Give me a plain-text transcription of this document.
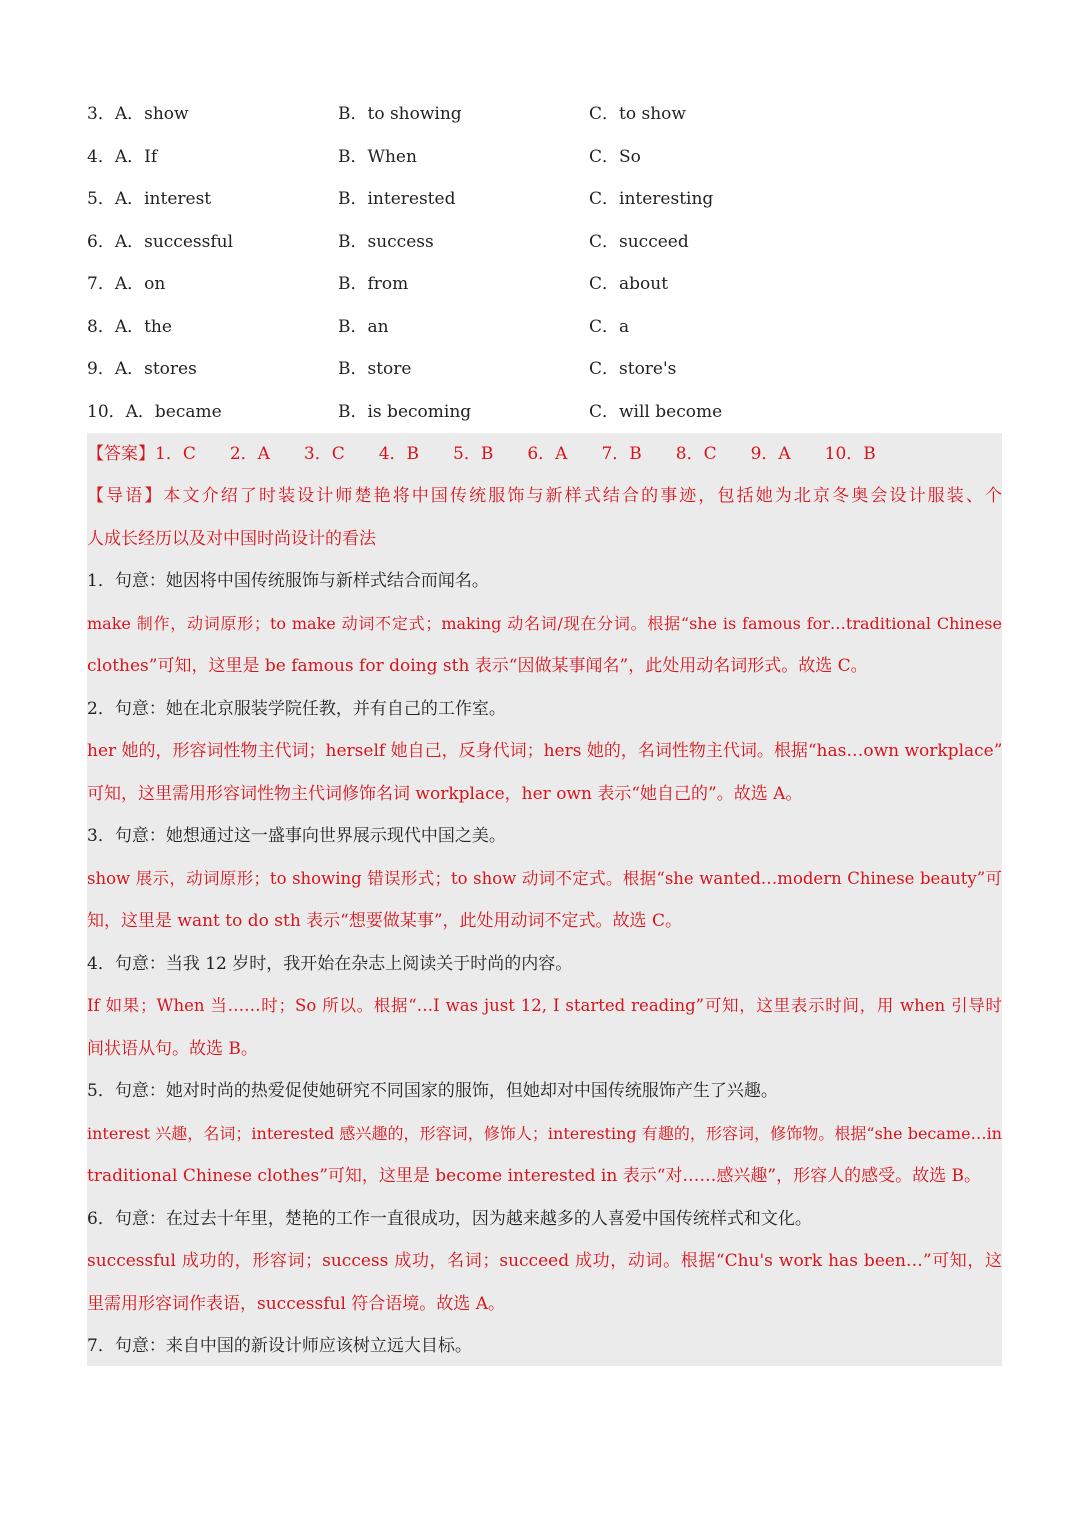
3．A．show	B．to showing	C．to show
4．A．If	B．When	C．So
5．A．interest	B．interested	C．interesting
6．A．successful	B．success	C．succeed
7．A．on	B．from	C．about
8．A．the	B．an	C．a
9．A．stores	B．store	C．store's
10．A．became	B．is becoming	C．will become
【答案】1．C　　2．A　　3．C　　4．B　　5．B　　6．A　　7．B　　8．C　　9．A　　10．B
【导语】本文介绍了时装设计师楚艳将中国传统服饰与新样式结合的事迹，包括她为北京冬奥会设计服装、个
人成长经历以及对中国时尚设计的看法
1．句意：她因将中国传统服饰与新样式结合而闻名。
make 制作，动词原形；to make 动词不定式；making 动名词/现在分词。根据“she is famous for…traditional Chinese
clothes”可知，这里是 be famous for doing sth 表示“因做某事闻名”，此处用动名词形式。故选 C。
2．句意：她在北京服装学院任教，并有自己的工作室。
her 她的，形容词性物主代词；herself 她自己，反身代词；hers 她的，名词性物主代词。根据“has…own workplace”
可知，这里需用形容词性物主代词修饰名词 workplace，her own 表示“她自己的”。故选 A。
3．句意：她想通过这一盛事向世界展示现代中国之美。
show 展示，动词原形；to showing 错误形式；to show 动词不定式。根据“she wanted…modern Chinese beauty”可
知，这里是 want to do sth 表示“想要做某事”，此处用动词不定式。故选 C。
4．句意：当我 12 岁时，我开始在杂志上阅读关于时尚的内容。
If 如果；When 当……时；So 所以。根据“…I was just 12, I started reading”可知，这里表示时间，用 when 引导时
间状语从句。故选 B。
5．句意：她对时尚的热爱促使她研究不同国家的服饰，但她却对中国传统服饰产生了兴趣。
interest 兴趣，名词；interested 感兴趣的，形容词，修饰人；interesting 有趣的，形容词，修饰物。根据“she became…in
traditional Chinese clothes”可知，这里是 become interested in 表示“对……感兴趣”，形容人的感受。故选 B。
6．句意：在过去十年里，楚艳的工作一直很成功，因为越来越多的人喜爱中国传统样式和文化。
successful 成功的，形容词；success 成功，名词；succeed 成功，动词。根据“Chu's work has been…”可知，这
里需用形容词作表语，successful 符合语境。故选 A。
7．句意：来自中国的新设计师应该树立远大目标。
